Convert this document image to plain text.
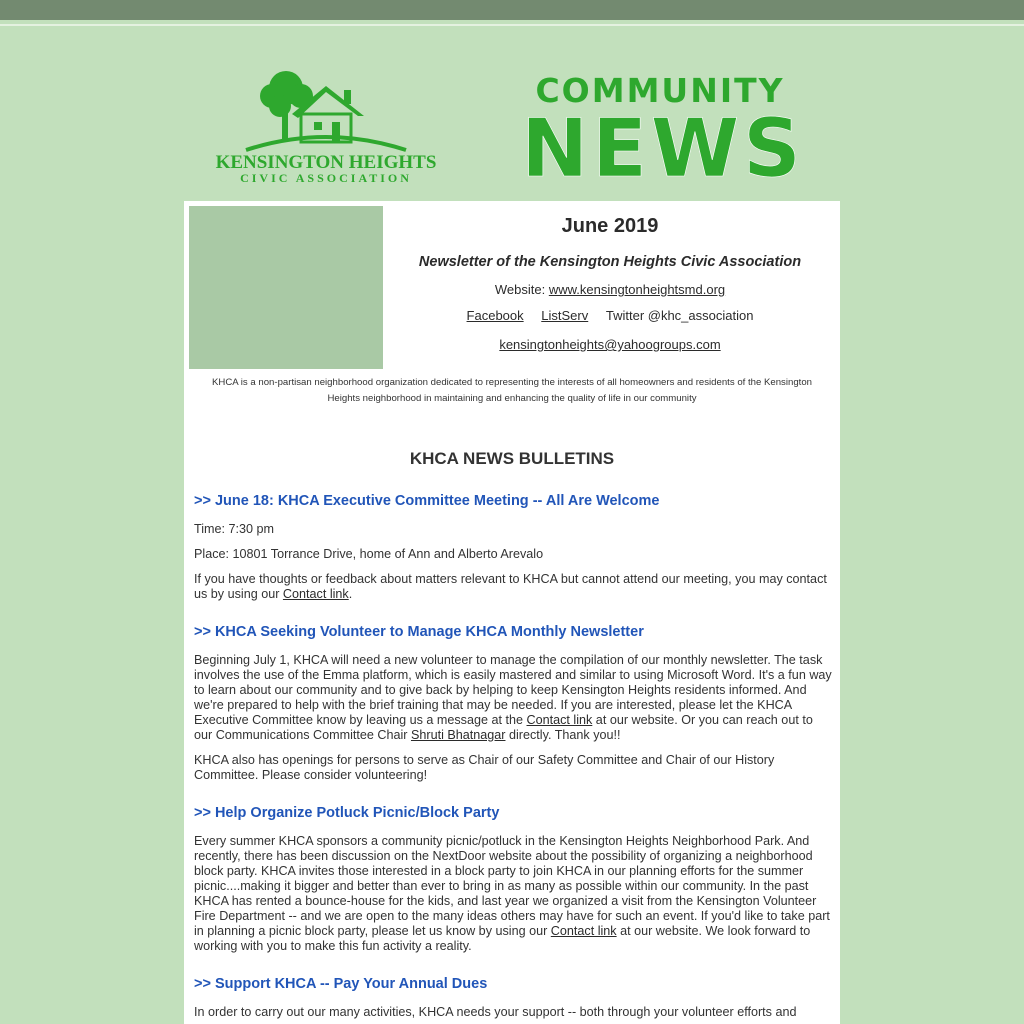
KENSINGTON HEIGHTS
CIVIC ASSOCIATION
COMMUNITY
NEWS
June 2019
Newsletter of the Kensington Heights Civic Association
Website: www.kensingtonheightsmd.org
Facebook ListServ Twitter @khc_association
kensingtonheights@yahoogroups.com
KHCA is a non-partisan neighborhood organization dedicated to representing the interests of all homeowners and residents of the Kensington Heights neighborhood in maintaining and enhancing the quality of life in our community
KHCA NEWS BULLETINS
>> June 18: KHCA Executive Committee Meeting -- All Are Welcome
Time: 7:30 pm
Place: 10801 Torrance Drive, home of Ann and Alberto Arevalo
If you have thoughts or feedback about matters relevant to KHCA but cannot attend our meeting, you may contact us by using our Contact link.
>> KHCA Seeking Volunteer to Manage KHCA Monthly Newsletter
Beginning July 1, KHCA will need a new volunteer to manage the compilation of our monthly newsletter. The task involves the use of the Emma platform, which is easily mastered and similar to using Microsoft Word. It's a fun way to learn about our community and to give back by helping to keep Kensington Heights residents informed. And we're prepared to help with the brief training that may be needed. If you are interested, please let the KHCA Executive Committee know by leaving us a message at the Contact link at our website. Or you can reach out to our Communications Committee Chair Shruti Bhatnagar directly. Thank you!!
KHCA also has openings for persons to serve as Chair of our Safety Committee and Chair of our History Committee. Please consider volunteering!
>> Help Organize Potluck Picnic/Block Party
Every summer KHCA sponsors a community picnic/potluck in the Kensington Heights Neighborhood Park. And recently, there has been discussion on the NextDoor website about the possibility of organizing a neighborhood block party. KHCA invites those interested in a block party to join KHCA in our planning efforts for the summer picnic....making it bigger and better than ever to bring in as many as possible within our community. In the past KHCA has rented a bounce-house for the kids, and last year we organized a visit from the Kensington Volunteer Fire Department -- and we are open to the many ideas others may have for such an event. If you'd like to take part in planning a picnic block party, please let us know by using our Contact link at our website. We look forward to working with you to make this fun activity a reality.
>> Support KHCA -- Pay Your Annual Dues
In order to carry out our many activities, KHCA needs your support -- both through your volunteer efforts and
